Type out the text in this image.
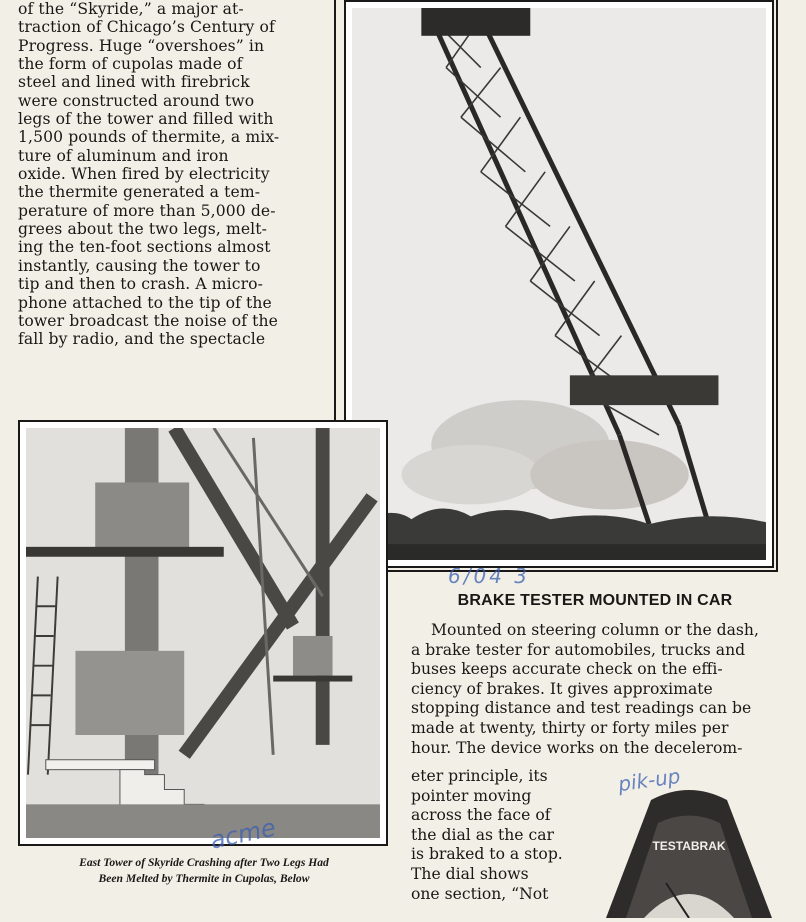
of the “Skyride,” a major at-

traction of Chicago’s Century of

Progress. Huge “overshoes” in

the form of cupolas made of

steel and lined with firebrick

were constructed around two

legs of the tower and filled with

1,500 pounds of thermite, a mix-

ture of aluminum and iron

oxide. When fired by electricity

the thermite generated a tem-

perature of more than 5,000 de-

grees about the two legs, melt-

ing the ten-foot sections almost

instantly, causing the tower to

tip and then to crash. A micro-

phone attached to the tip of the

tower broadcast the noise of the

fall by radio, and the spectacle

East Tower of Skyride Crashing after Two Legs Had
Been Melted by Thermite in Cupolas, Below
BRAKE TESTER MOUNTED IN CAR
Mounted on steering column or the dash,
a brake tester for automobiles, trucks and
buses keeps accurate check on the effi-
ciency of brakes. It gives approximate
stopping distance and test readings can be
made at twenty, thirty or forty miles per
hour. The device works on the decelerom-
eter principle, its
pointer moving
across the face of
the dial as the car
is braked to a stop.
The dial shows
one section, “Not
TESTABRAK
6/04 3
acme
pik-up
